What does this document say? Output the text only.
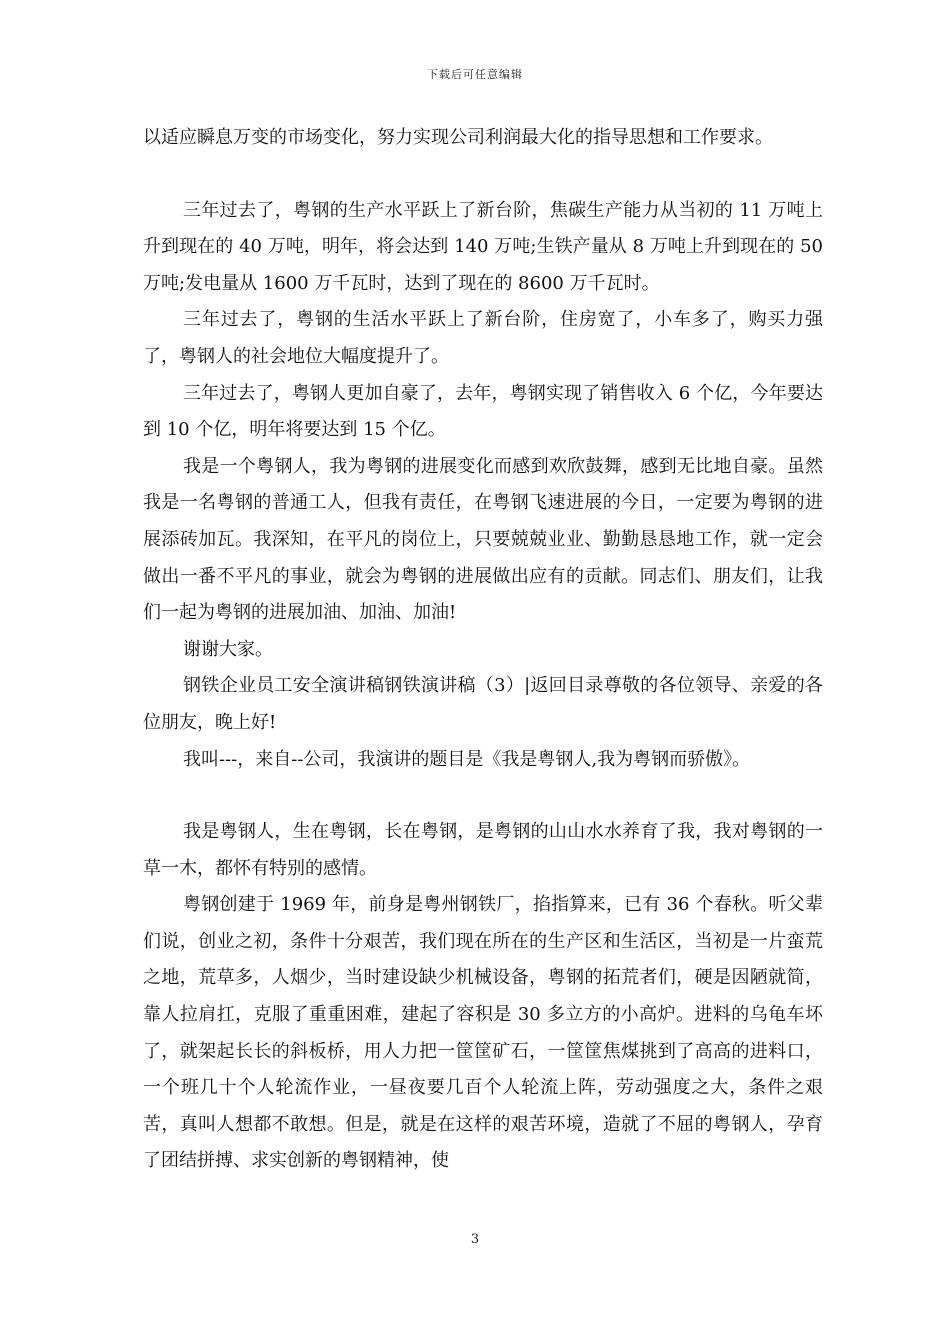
下载后可任意编辑

以适应瞬息万变的市场变化，努力实现公司利润最大化的指导思想和工作要求。

三年过去了，粤钢的生产水平跃上了新台阶，焦碳生产能力从当初的 11 万吨上升到现在的 40 万吨，明年，将会达到 140 万吨;生铁产量从 8 万吨上升到现在的 50 万吨;发电量从 1600 万千瓦时，达到了现在的 8600 万千瓦时。

三年过去了，粤钢的生活水平跃上了新台阶，住房宽了，小车多了，购买力强了，粤钢人的社会地位大幅度提升了。

三年过去了，粤钢人更加自豪了，去年，粤钢实现了销售收入 6 个亿，今年要达到 10 个亿，明年将要达到 15 个亿。

我是一个粤钢人，我为粤钢的进展变化而感到欢欣鼓舞，感到无比地自豪。虽然我是一名粤钢的普通工人，但我有责任，在粤钢飞速进展的今日，一定要为粤钢的进展添砖加瓦。我深知，在平凡的岗位上，只要兢兢业业、勤勤恳恳地工作，就一定会做出一番不平凡的事业，就会为粤钢的进展做出应有的贡献。同志们、朋友们，让我们一起为粤钢的进展加油、加油、加油!

谢谢大家。

钢铁企业员工安全演讲稿钢铁演讲稿（3）|返回目录尊敬的各位领导、亲爱的各位朋友，晚上好!

我叫---，来自--公司，我演讲的题目是《我是粤钢人,我为粤钢而骄傲》。

我是粤钢人，生在粤钢，长在粤钢，是粤钢的山山水水养育了我，我对粤钢的一草一木，都怀有特别的感情。

粤钢创建于 1969 年，前身是粤州钢铁厂，掐指算来，已有 36 个春秋。听父辈们说，创业之初，条件十分艰苦，我们现在所在的生产区和生活区，当初是一片蛮荒之地，荒草多，人烟少，当时建设缺少机械设备，粤钢的拓荒者们，硬是因陋就简，靠人拉肩扛，克服了重重困难，建起了容积是 30 多立方的小高炉。进料的乌龟车坏了，就架起长长的斜板桥，用人力把一筐筐矿石，一筐筐焦煤挑到了高高的进料口，一个班几十个人轮流作业，一昼夜要几百个人轮流上阵，劳动强度之大，条件之艰苦，真叫人想都不敢想。但是，就是在这样的艰苦环境，造就了不屈的粤钢人，孕育了团结拼搏、求实创新的粤钢精神，使

3
